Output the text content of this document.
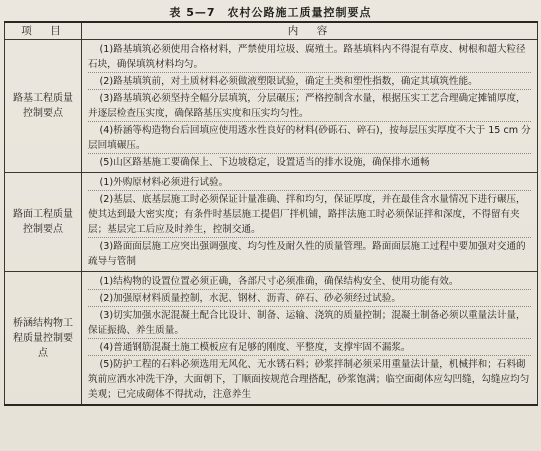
表 5—7　农村公路施工质量控制要点
项　目	内　容
路基工程质量控制要点	(1)路基填筑必须使用合格材料，严禁使用垃圾、腐殖土。路基填料内不得混有草皮、树根和超大粒径石块，确保填筑材料均匀。

(2)路基填筑前，对土质材料必须做液塑限试验，确定土类和塑性指数，确定其填筑性能。

(3)路基填筑必须坚持全幅分层填筑，分层碾压；严格控制含水量，根据压实工艺合理确定摊铺厚度，并逐层检查压实度，确保路基压实度和压实均匀性。

(4)桥涵等构造物台后回填应使用透水性良好的材料(砂砾石、碎石)，按每层压实厚度不大于 15 cm 分层回填碾压。

(5)山区路基施工要确保上、下边坡稳定，设置适当的排水设施，确保排水通畅

路面工程质量控制要点	(1)外购原材料必须进行试验。

(2)基层、底基层施工时必须保证计量准确、拌和均匀，保证厚度，并在最佳含水量情况下进行碾压，使其达到最大密实度；有条件时基层施工提倡厂拌机铺，路拌法施工时必须保证拌和深度，不得留有夹层；基层完工后应及时养生，控制交通。

(3)路面面层施工应突出强调强度、均匀性及耐久性的质量管理。路面面层施工过程中要加强对交通的疏导与管制

桥涵结构物工程质量控制要点	(1)结构物的设置位置必须正确，各部尺寸必须准确，确保结构安全、使用功能有效。

(2)加强原材料质量控制，水泥、钢材、沥青、碎石、砂必须经过试验。

(3)切实加强水泥混凝土配合比设计、制备、运输、浇筑的质量控制；混凝土制备必须以重量法计量，保证振捣、养生质量。

(4)普通钢筋混凝土施工模板应有足够的刚度、平整度，支撑牢固不漏浆。

(5)防护工程的石料必须选用无风化、无水锈石料；砂浆拌制必须采用重量法计量，机械拌和；石料砌筑前应洒水冲洗干净，大面朝下，丁顺面按规范合理搭配，砂浆饱满；临空面砌体应勾凹缝，勾缝应均匀美观；已完成砌体不得扰动，注意养生
